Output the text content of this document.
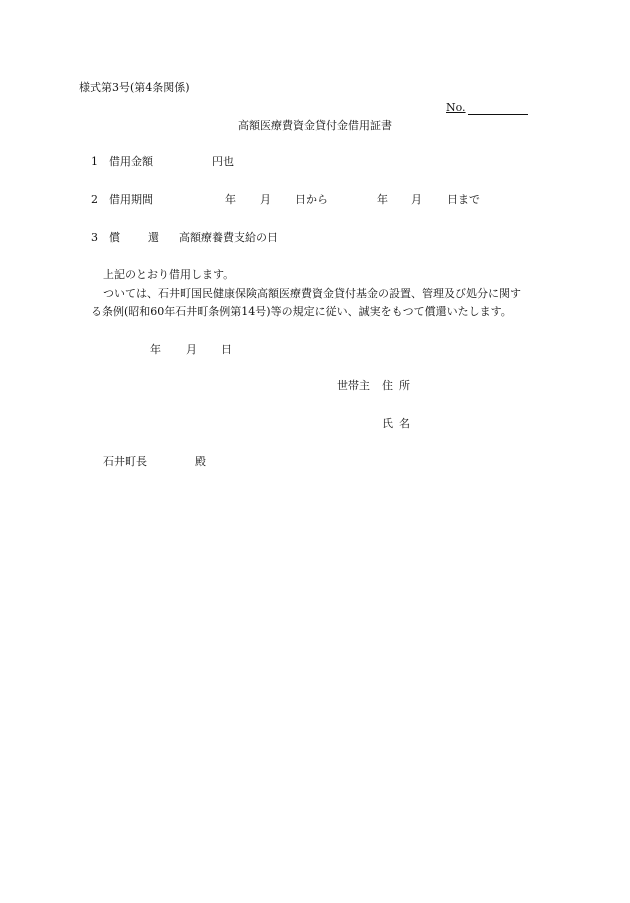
様式第3号(第4条関係)
No.
高額医療費資金貸付金借用証書
1 借用金額	円也
2 借用期間	年 月 日から	年 月 日まで
3 償還
高額療養費支給の日
上記のとおり借用します。
ついては、石井町国民健康保険高額医療費資金貸付基金の設置、管理及び処分に関す
る条例(昭和60年石井町条例第14号)等の規定に従い、誠実をもつて償還いたします。
年 月 日
世帯主 住所
氏名
石井町長	殿
